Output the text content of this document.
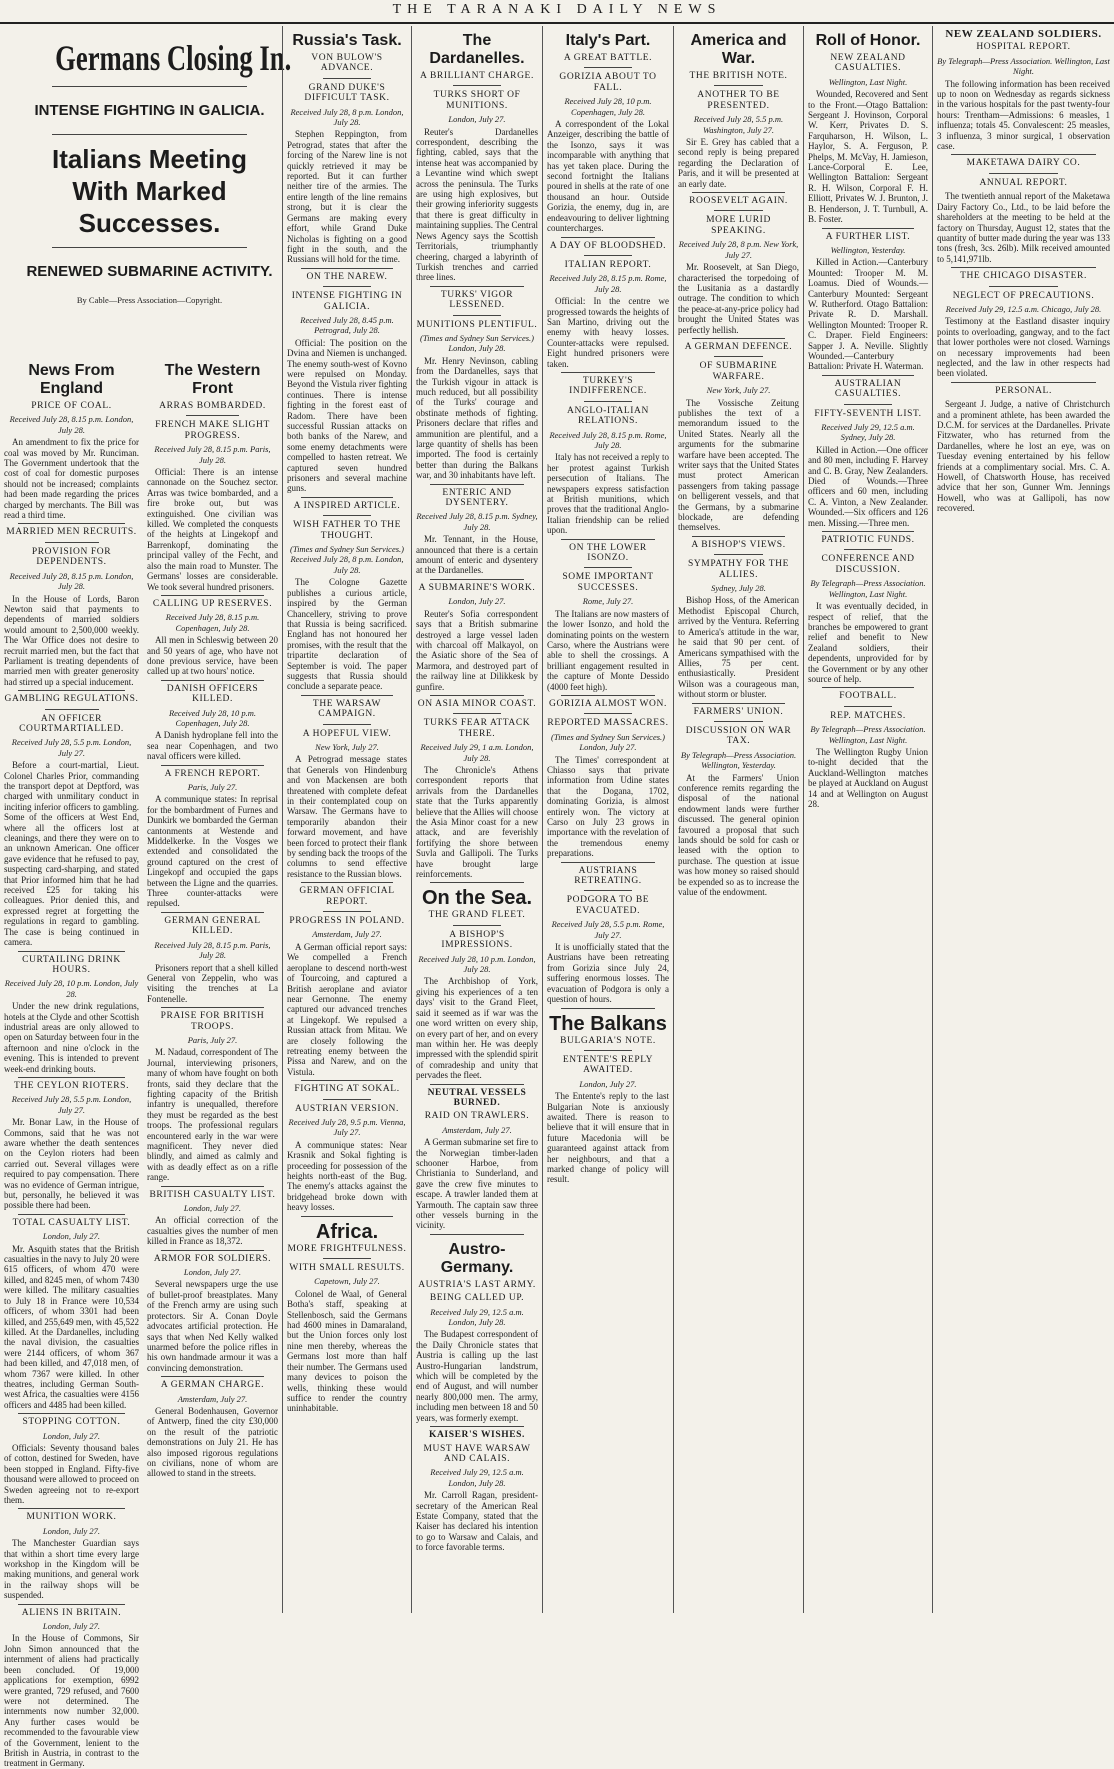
THE TARANAKI DAILY NEWS
News From England
PRICE OF COAL.
Received July 28, 8.15 p.m. London, July 28.

An amendment to fix the price for coal was moved by Mr. Runciman. The Government undertook that the cost of coal for domestic purposes should not be increased; complaints had been made regarding the prices charged by merchants. The Bill was read a third time.

MARRIED MEN RECRUITS.
PROVISION FOR DEPENDENTS.
Received July 28, 8.15 p.m. London, July 28.

In the House of Lords, Baron Newton said that payments to dependents of married soldiers would amount to 2,500,000 weekly. The War Office does not desire to recruit married men, but the fact that Parliament is treating dependents of married men with greater generosity had stirred up a special inducement.

GAMBLING REGULATIONS.
AN OFFICER COURTMARTIALLED.
Received July 28, 5.5 p.m. London, July 27.

Before a court-martial, Lieut. Colonel Charles Prior, commanding the transport depot at Deptford, was charged with unmilitary conduct in inciting inferior officers to gambling. Some of the officers at West End, where all the officers lost at cleanings, and there they were on to an unknown American. One officer gave evidence that he refused to pay, suspecting card-sharping, and stated that Prior informed him that he had received £25 for taking his colleagues. Prior denied this, and expressed regret at forgetting the regulations in regard to gambling. The case is being continued in camera.

CURTAILING DRINK HOURS.
Received July 28, 10 p.m. London, July 28.

Under the new drink regulations, hotels at the Clyde and other Scottish industrial areas are only allowed to open on Saturday between four in the afternoon and nine o'clock in the evening. This is intended to prevent week-end drinking bouts.

THE CEYLON RIOTERS.
Received July 28, 5.5 p.m. London, July 27.

Mr. Bonar Law, in the House of Commons, said that he was not aware whether the death sentences on the Ceylon rioters had been carried out. Several villages were required to pay compensation. There was no evidence of German intrigue, but, personally, he believed it was possible there had been.

TOTAL CASUALTY LIST.
London, July 27.

Mr. Asquith states that the British casualties in the navy to July 20 were 615 officers, of whom 470 were killed, and 8245 men, of whom 7430 were killed. The military casualties to July 18 in France were 10,534 officers, of whom 3301 had been killed, and 255,649 men, with 45,522 killed. At the Dardanelles, including the naval division, the casualties were 2144 officers, of whom 367 had been killed, and 47,018 men, of whom 7367 were killed. In other theatres, including German South-west Africa, the casualties were 4156 officers and 4485 had been killed.

STOPPING COTTON.
London, July 27.

Officials: Seventy thousand bales of cotton, destined for Sweden, have been stopped in England. Fifty-five thousand were allowed to proceed on Sweden agreeing not to re-export them.

MUNITION WORK.
London, July 27.

The Manchester Guardian says that within a short time every large workshop in the Kingdom will be making munitions, and general work in the railway shops will be suspended.

ALIENS IN BRITAIN.
London, July 27.

In the House of Commons, Sir John Simon announced that the internment of aliens had practically been concluded. Of 19,000 applications for exemption, 6992 were granted, 729 refused, and 7600 were not determined. The internments now number 32,000. Any further cases would be recommended to the favourable view of the Government, lenient to the British in Austria, in contrast to the treatment in Germany.

Germans Closing In.
INTENSE FIGHTING IN GALICIA.
Italians Meeting With Marked Successes.
RENEWED SUBMARINE ACTIVITY.
By Cable—Press Association—Copyright.
The Western Front
ARRAS BOMBARDED.
FRENCH MAKE SLIGHT PROGRESS.
Received July 28, 8.15 p.m. Paris, July 28.

Official: There is an intense cannonade on the Souchez sector. Arras was twice bombarded, and a fire broke out, but was extinguished. One civilian was killed. We completed the conquests of the heights at Lingekopf and Barrenkopf, dominating the principal valley of the Fecht, and also the main road to Munster. The Germans' losses are considerable. We took several hundred prisoners.

CALLING UP RESERVES.
Received July 28, 8.15 p.m. Copenhagen, July 28.

All men in Schleswig between 20 and 50 years of age, who have not done previous service, have been called up at two hours' notice.

DANISH OFFICERS KILLED.
Received July 28, 10 p.m. Copenhagen, July 28.

A Danish hydroplane fell into the sea near Copenhagen, and two naval officers were killed.

A FRENCH REPORT.
Paris, July 27.

A communique states: In reprisal for the bombardment of Furnes and Dunkirk we bombarded the German cantonments at Westende and Middelkerke. In the Vosges we extended and consolidated the ground captured on the crest of Lingekopf and occupied the gaps between the Ligne and the quarries. Three counter-attacks were repulsed.

GERMAN GENERAL KILLED.
Received July 28, 8.15 p.m. Paris, July 28.

Prisoners report that a shell killed General von Zeppelin, who was visiting the trenches at La Fontenelle.

PRAISE FOR BRITISH TROOPS.
Paris, July 27.

M. Nadaud, correspondent of The Journal, interviewing prisoners, many of whom have fought on both fronts, said they declare that the fighting capacity of the British infantry is unequalled, therefore they must be regarded as the best troops. The professional regulars encountered early in the war were magnificent. They never died blindly, and aimed as calmly and with as deadly effect as on a rifle range.

BRITISH CASUALTY LIST.
London, July 27.

An official correction of the casualties gives the number of men killed in France as 18,372.

ARMOR FOR SOLDIERS.
London, July 27.

Several newspapers urge the use of bullet-proof breastplates. Many of the French army are using such protectors. Sir A. Conan Doyle advocates artificial protection. He says that when Ned Kelly walked unarmed before the police rifles in his own handmade armour it was a convincing demonstration.

A GERMAN CHARGE.
Amsterdam, July 27.

General Bodenhausen, Governor of Antwerp, fined the city £30,000 on the result of the patriotic demonstrations on July 21. He has also imposed rigorous regulations on civilians, none of whom are allowed to stand in the streets.

Russia's Task.
VON BULOW'S ADVANCE.
GRAND DUKE'S DIFFICULT TASK.
Received July 28, 8 p.m. London, July 28.

Stephen Reppington, from Petrograd, states that after the forcing of the Narew line is not quickly retrieved it may be reported. But it can further neither tire of the armies. The entire length of the line remains strong, but it is clear the Germans are making every effort, while Grand Duke Nicholas is fighting on a good fight in the south, and the Russians will hold for the time.

ON THE NAREW.
INTENSE FIGHTING IN GALICIA.
Received July 28, 8.45 p.m. Petrograd, July 28.

Official: The position on the Dvina and Niemen is unchanged. The enemy south-west of Kovno were repulsed on Monday. Beyond the Vistula river fighting continues. There is intense fighting in the forest east of Radom. There have been successful Russian attacks on both banks of the Narew, and some enemy detachments were compelled to hasten retreat. We captured seven hundred prisoners and several machine guns.

A INSPIRED ARTICLE.
WISH FATHER TO THE THOUGHT.
(Times and Sydney Sun Services.) Received July 28, 8 p.m. London, July 28.

The Cologne Gazette publishes a curious article, inspired by the German Chancellery, striving to prove that Russia is being sacrificed. England has not honoured her promises, with the result that the tripartite declaration of September is void. The paper suggests that Russia should conclude a separate peace.

THE WARSAW CAMPAIGN.
A HOPEFUL VIEW.
New York, July 27.

A Petrograd message states that Generals von Hindenburg and von Mackensen are both threatened with complete defeat in their contemplated coup on Warsaw. The Germans have to temporarily abandon their forward movement, and have been forced to protect their flank by sending back the troops of the columns to send effective resistance to the Russian blows.

GERMAN OFFICIAL REPORT.
PROGRESS IN POLAND.
Amsterdam, July 27.

A German official report says: We compelled a French aeroplane to descend north-west of Tourcoing, and captured a British aeroplane and aviator near Gernonne. The enemy captured our advanced trenches at Lingekopf. We repulsed a Russian attack from Mitau. We are closely following the retreating enemy between the Pissa and Narew, and on the Vistula.

FIGHTING AT SOKAL.
AUSTRIAN VERSION.
Received July 28, 9.5 p.m. Vienna, July 27.

A communique states: Near Krasnik and Sokal fighting is proceeding for possession of the heights north-east of the Bug. The enemy's attacks against the bridgehead broke down with heavy losses.

Africa.
MORE FRIGHTFULNESS.
WITH SMALL RESULTS.
Capetown, July 27.

Colonel de Waal, of General Botha's staff, speaking at Stellenbosch, said the Germans had 4600 mines in Damaraland, but the Union forces only lost nine men thereby, whereas the Germans lost more than half their number. The Germans used many devices to poison the wells, thinking these would suffice to render the country uninhabitable.

The Dardanelles.
A BRILLIANT CHARGE.
TURKS SHORT OF MUNITIONS.
London, July 27.

Reuter's Dardanelles correspondent, describing the fighting, cabled, says that the intense heat was accompanied by a Levantine wind which swept across the peninsula. The Turks are using high explosives, but their growing inferiority suggests that there is great difficulty in maintaining supplies. The Central News Agency says the Scottish Territorials, triumphantly cheering, charged a labyrinth of Turkish trenches and carried three lines.

TURKS' VIGOR LESSENED.
MUNITIONS PLENTIFUL.
(Times and Sydney Sun Services.) London, July 28.

Mr. Henry Nevinson, cabling from the Dardanelles, says that the Turkish vigour in attack is much reduced, but all possibility of the Turks' courage and obstinate methods of fighting. Prisoners declare that rifles and ammunition are plentiful, and a large quantity of shells has been imported. The food is certainly better than during the Balkans war, and 30 inhabitants have left.

ENTERIC AND DYSENTERY.
Received July 28, 8.15 p.m. Sydney, July 28.

Mr. Tennant, in the House, announced that there is a certain amount of enteric and dysentery at the Dardanelles.

A SUBMARINE'S WORK.
London, July 27.

Reuter's Sofia correspondent says that a British submarine destroyed a large vessel laden with charcoal off Malkayol, on the Asiatic shore of the Sea of Marmora, and destroyed part of the railway line at Dilikkesk by gunfire.

ON ASIA MINOR COAST.
TURKS FEAR ATTACK THERE.
Received July 29, 1 a.m. London, July 28.

The Chronicle's Athens correspondent reports that arrivals from the Dardanelles state that the Turks apparently believe that the Allies will choose the Asia Minor coast for a new attack, and are feverishly fortifying the shore between Suvla and Gallipoli. The Turks have brought large reinforcements.

On the Sea.
THE GRAND FLEET.
A BISHOP'S IMPRESSIONS.
Received July 28, 10 p.m. London, July 28.

The Archbishop of York, giving his experiences of a ten days' visit to the Grand Fleet, said it seemed as if war was the one word written on every ship, on every part of her, and on every man within her. He was deeply impressed with the splendid spirit of comradeship and unity that pervades the fleet.

NEUTRAL VESSELS BURNED.
RAID ON TRAWLERS.
Amsterdam, July 27.

A German submarine set fire to the Norwegian timber-laden schooner Harboe, from Christiania to Sunderland, and gave the crew five minutes to escape. A trawler landed them at Yarmouth. The captain saw three other vessels burning in the vicinity.

Austro-Germany.
AUSTRIA'S LAST ARMY.
BEING CALLED UP.
Received July 29, 12.5 a.m. London, July 28.

The Budapest correspondent of the Daily Chronicle states that Austria is calling up the last Austro-Hungarian landstrum, which will be completed by the end of August, and will number nearly 800,000 men. The army, including men between 18 and 50 years, was formerly exempt.

KAISER'S WISHES.
MUST HAVE WARSAW AND CALAIS.
Received July 29, 12.5 a.m. London, July 28.

Mr. Carroll Ragan, president-secretary of the American Real Estate Company, stated that the Kaiser has declared his intention to go to Warsaw and Calais, and to force favorable terms.

Italy's Part.
A GREAT BATTLE.
GORIZIA ABOUT TO FALL.
Received July 28, 10 p.m. Copenhagen, July 28.

A correspondent of the Lokal Anzeiger, describing the battle of the Isonzo, says it was incomparable with anything that has yet taken place. During the second fortnight the Italians poured in shells at the rate of one thousand an hour. Outside Gorizia, the enemy, dug in, are endeavouring to deliver lightning countercharges.

A DAY OF BLOODSHED.
ITALIAN REPORT.
Received July 28, 8.15 p.m. Rome, July 28.

Official: In the centre we progressed towards the heights of San Martino, driving out the enemy with heavy losses. Counter-attacks were repulsed. Eight hundred prisoners were taken.

TURKEY'S INDIFFERENCE.
ANGLO-ITALIAN RELATIONS.
Received July 28, 8.15 p.m. Rome, July 28.

Italy has not received a reply to her protest against Turkish persecution of Italians. The newspapers express satisfaction at British munitions, which proves that the traditional Anglo-Italian friendship can be relied upon.

ON THE LOWER ISONZO.
SOME IMPORTANT SUCCESSES.
Rome, July 27.

The Italians are now masters of the lower Isonzo, and hold the dominating points on the western Carso, where the Austrians were able to shell the crossings. A brilliant engagement resulted in the capture of Monte Dessido (4000 feet high).

GORIZIA ALMOST WON.
REPORTED MASSACRES.
(Times and Sydney Sun Services.) London, July 27.

The Times' correspondent at Chiasso says that private information from Udine states that the Dogana, 1702, dominating Gorizia, is almost entirely won. The victory at Carso on July 23 grows in importance with the revelation of the tremendous enemy preparations.

AUSTRIANS RETREATING.
PODGORA TO BE EVACUATED.
Received July 28, 5.5 p.m. Rome, July 27.

It is unofficially stated that the Austrians have been retreating from Gorizia since July 24, suffering enormous losses. The evacuation of Podgora is only a question of hours.

The Balkans
BULGARIA'S NOTE.
ENTENTE'S REPLY AWAITED.
London, July 27.

The Entente's reply to the last Bulgarian Note is anxiously awaited. There is reason to believe that it will ensure that in future Macedonia will be guaranteed against attack from her neighbours, and that a marked change of policy will result.

America and War.
THE BRITISH NOTE.
ANOTHER TO BE PRESENTED.
Received July 28, 5.5 p.m. Washington, July 27.

Sir E. Grey has cabled that a second reply is being prepared regarding the Declaration of Paris, and it will be presented at an early date.

ROOSEVELT AGAIN.
MORE LURID SPEAKING.
Received July 28, 8 p.m. New York, July 27.

Mr. Roosevelt, at San Diego, characterised the torpedoing of the Lusitania as a dastardly outrage. The condition to which the peace-at-any-price policy had brought the United States was perfectly hellish.

A GERMAN DEFENCE.
OF SUBMARINE WARFARE.
New York, July 27.

The Vossische Zeitung publishes the text of a memorandum issued to the United States. Nearly all the arguments for the submarine warfare have been accepted. The writer says that the United States must protect American passengers from taking passage on belligerent vessels, and that the Germans, by a submarine blockade, are defending themselves.

A BISHOP'S VIEWS.
SYMPATHY FOR THE ALLIES.
Sydney, July 28.

Bishop Hoss, of the American Methodist Episcopal Church, arrived by the Ventura. Referring to America's attitude in the war, he said that 90 per cent. of Americans sympathised with the Allies, 75 per cent. enthusiastically. President Wilson was a courageous man, without storm or bluster.

FARMERS' UNION.
DISCUSSION ON WAR TAX.
By Telegraph—Press Association. Wellington, Yesterday.

At the Farmers' Union conference remits regarding the disposal of the national endowment lands were further discussed. The general opinion favoured a proposal that such lands should be sold for cash or leased with the option to purchase. The question at issue was how money so raised should be expended so as to increase the value of the endowment.

Roll of Honor.
NEW ZEALAND CASUALTIES.
Wellington, Last Night.

Wounded, Recovered and Sent to the Front.—Otago Battalion: Sergeant J. Hovinson, Corporal W. Kerr, Privates D. S. Farquharson, H. Wilson, L. Haylor, S. A. Ferguson, P. Phelps, M. McVay, H. Jamieson, Lance-Corporal E. Lee, Wellington Battalion: Sergeant R. H. Wilson, Corporal F. H. Elliott, Privates W. J. Brunton, J. B. Henderson, J. T. Turnbull, A. B. Foster.

A FURTHER LIST.
Wellington, Yesterday.

Killed in Action.—Canterbury Mounted: Trooper M. M. Loamus. Died of Wounds.—Canterbury Mounted: Sergeant W. Rutherford. Otago Battalion: Private R. D. Marshall. Wellington Mounted: Trooper R. C. Draper. Field Engineers: Sapper J. A. Neville. Slightly Wounded.—Canterbury Battalion: Private H. Waterman.

AUSTRALIAN CASUALTIES.
FIFTY-SEVENTH LIST.
Received July 29, 12.5 a.m. Sydney, July 28.

Killed in Action.—One officer and 80 men, including F. Harvey and C. B. Gray, New Zealanders. Died of Wounds.—Three officers and 60 men, including C. A. Vinton, a New Zealander. Wounded.—Six officers and 126 men. Missing.—Three men.

PATRIOTIC FUNDS.
CONFERENCE AND DISCUSSION.
By Telegraph—Press Association. Wellington, Last Night.

It was eventually decided, in respect of relief, that the branches be empowered to grant relief and benefit to New Zealand soldiers, their dependents, unprovided for by the Government or by any other source of help.

FOOTBALL.
REP. MATCHES.
By Telegraph—Press Association. Wellington, Last Night.

The Wellington Rugby Union to-night decided that the Auckland-Wellington matches be played at Auckland on August 14 and at Wellington on August 28.

NEW ZEALAND SOLDIERS.
HOSPITAL REPORT.
By Telegraph—Press Association. Wellington, Last Night.

The following information has been received up to noon on Wednesday as regards sickness in the various hospitals for the past twenty-four hours: Trentham—Admissions: 6 measles, 1 influenza; totals 45. Convalescent: 25 measles, 3 influenza, 3 minor surgical, 1 observation case.

MAKETAWA DAIRY CO.
ANNUAL REPORT.

The twentieth annual report of the Maketawa Dairy Factory Co., Ltd., to be laid before the shareholders at the meeting to be held at the factory on Thursday, August 12, states that the quantity of butter made during the year was 133 tons (fresh, 3cs. 26lb). Milk received amounted to 5,141,971lb.

THE CHICAGO DISASTER.
NEGLECT OF PRECAUTIONS.
Received July 29, 12.5 a.m. Chicago, July 28.

Testimony at the Eastland disaster inquiry points to overloading, gangway, and to the fact that lower portholes were not closed. Warnings on necessary improvements had been neglected, and the law in other respects had been violated.

PERSONAL.

Sergeant J. Judge, a native of Christchurch and a prominent athlete, has been awarded the D.C.M. for services at the Dardanelles. Private Fitzwater, who has returned from the Dardanelles, where he lost an eye, was on Tuesday evening entertained by his fellow friends at a complimentary social. Mrs. C. A. Howell, of Chatsworth House, has received advice that her son, Gunner Wm. Jennings Howell, who was at Gallipoli, has now recovered.
